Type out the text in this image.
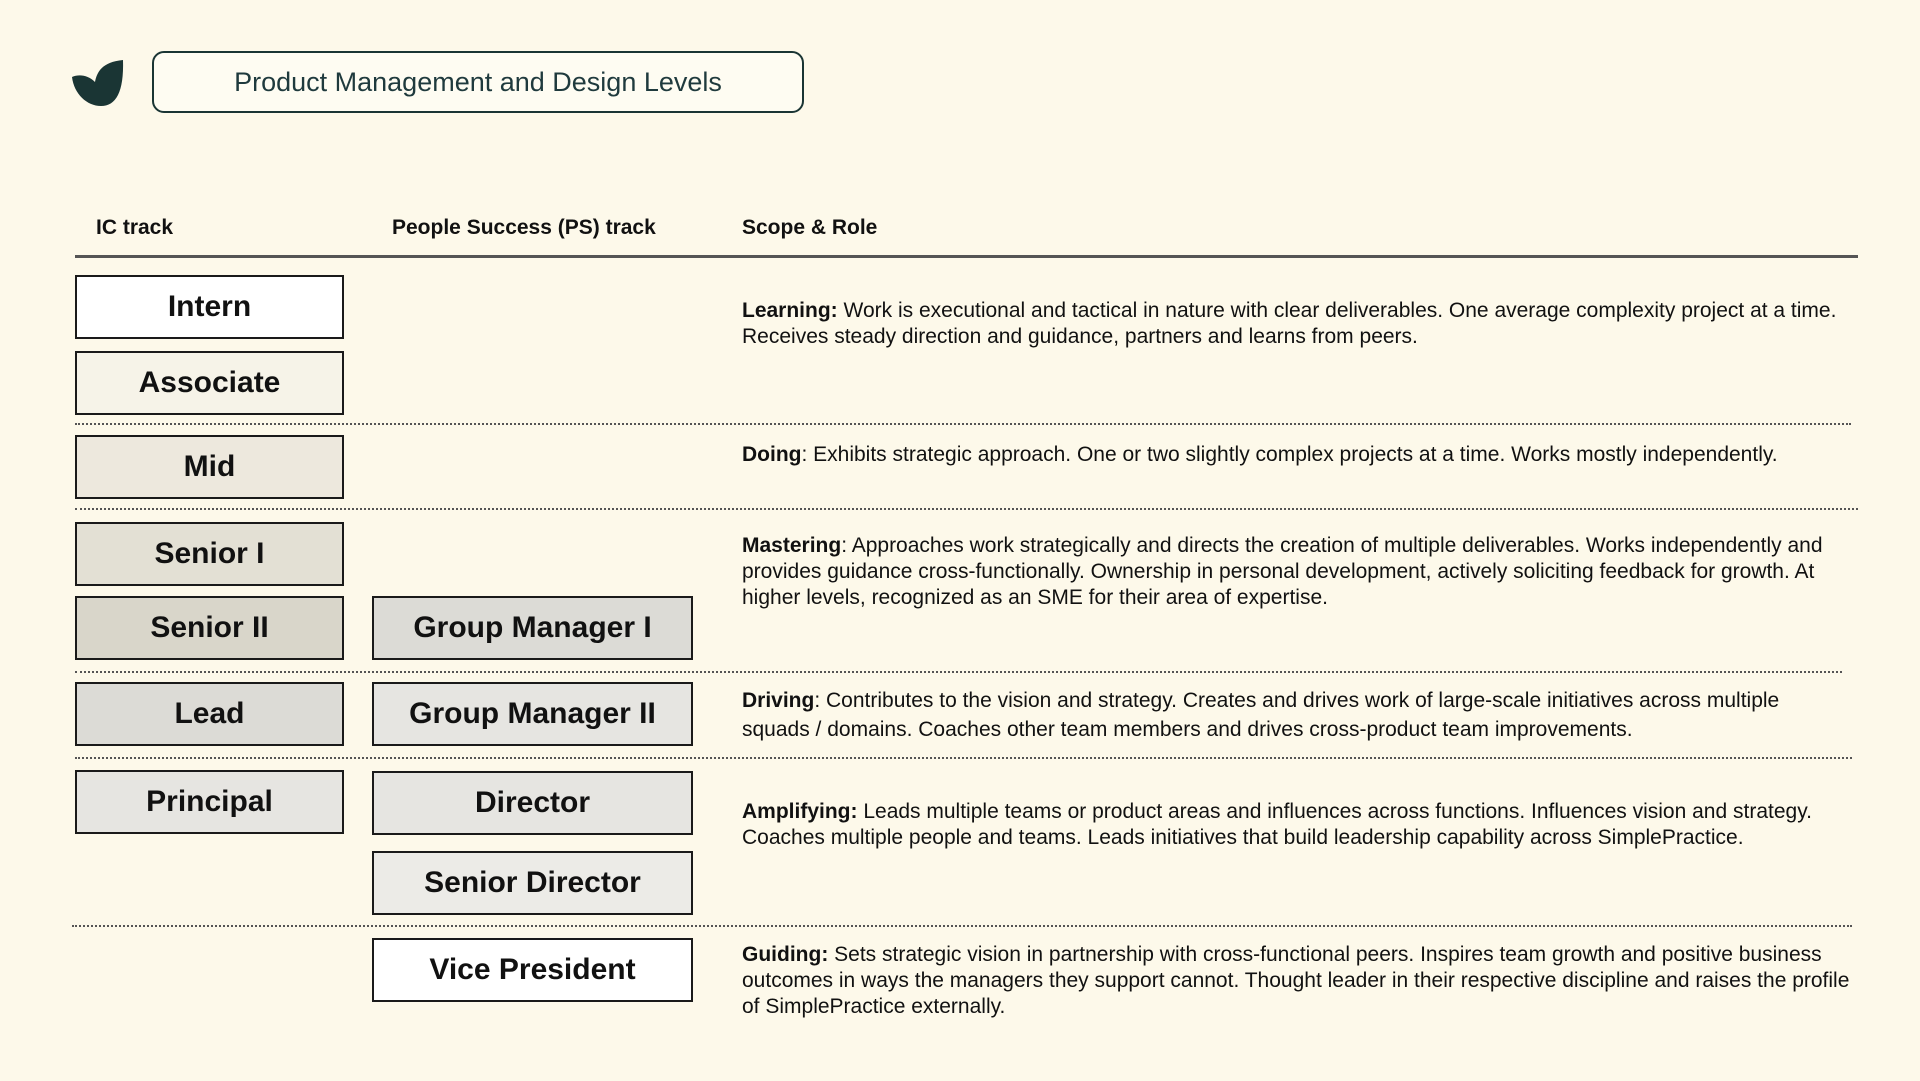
Product Management and Design Levels
IC track	People Success (PS) track	Scope & Role
Intern
Associate
Mid
Senior I
Senior II
Lead
Principal
Group Manager I
Group Manager II
Director
Senior Director
Vice President
Learning: Work is executional and tactical in nature with clear deliverables. One average complexity project at a time. Receives steady direction and guidance, partners and learns from peers.
Doing: Exhibits strategic approach. One or two slightly complex projects at a time. Works mostly independently.
Mastering: Approaches work strategically and directs the creation of multiple deliverables. Works independently and provides guidance cross-functionally. Ownership in personal development, actively soliciting feedback for growth. At higher levels, recognized as an SME for their area of expertise.
Driving: Contributes to the vision and strategy. Creates and drives work of large-scale initiatives across multiple squads / domains. Coaches other team members and drives cross-product team improvements.
Amplifying: Leads multiple teams or product areas and influences across functions. Influences vision and strategy. Coaches multiple people and teams. Leads initiatives that build leadership capability across SimplePractice.
Guiding: Sets strategic vision in partnership with cross-functional peers. Inspires team growth and positive business outcomes in ways the managers they support cannot. Thought leader in their respective discipline and raises the profile of SimplePractice externally.
